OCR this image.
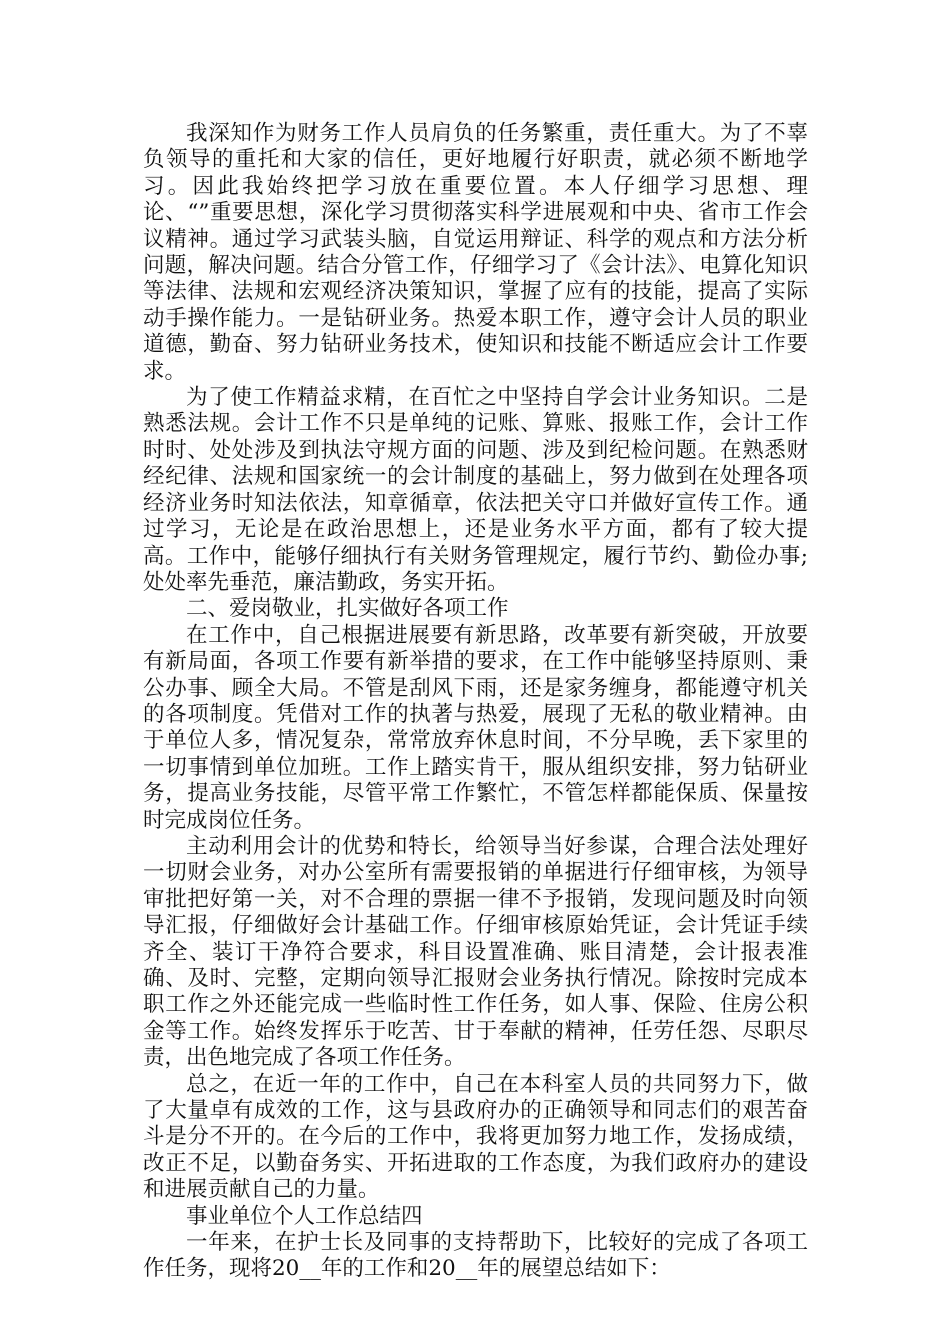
我深知作为财务工作人员肩负的任务繁重，责任重大。为了不辜负领导的重托和大家的信任，更好地履行好职责，就必须不断地学习。因此我始终把学习放在重要位置。本人仔细学习思想、理论、“”重要思想，深化学习贯彻落实科学进展观和中央、省市工作会议精神。通过学习武装头脑，自觉运用辩证、科学的观点和方法分析问题，解决问题。结合分管工作，仔细学习了《会计法》、电算化知识等法律、法规和宏观经济决策知识，掌握了应有的技能，提高了实际动手操作能力。一是钻研业务。热爱本职工作，遵守会计人员的职业道德，勤奋、努力钻研业务技术，使知识和技能不断适应会计工作要求。

为了使工作精益求精，在百忙之中坚持自学会计业务知识。二是熟悉法规。会计工作不只是单纯的记账、算账、报账工作，会计工作时时、处处涉及到执法守规方面的问题、涉及到纪检问题。在熟悉财经纪律、法规和国家统一的会计制度的基础上，努力做到在处理各项经济业务时知法依法，知章循章，依法把关守口并做好宣传工作。通过学习，无论是在政治思想上，还是业务水平方面，都有了较大提高。工作中，能够仔细执行有关财务管理规定，履行节约、勤俭办事;处处率先垂范，廉洁勤政，务实开拓。

二、爱岗敬业，扎实做好各项工作

在工作中，自己根据进展要有新思路，改革要有新突破，开放要有新局面，各项工作要有新举措的要求，在工作中能够坚持原则、秉公办事、顾全大局。不管是刮风下雨，还是家务缠身，都能遵守机关的各项制度。凭借对工作的执著与热爱，展现了无私的敬业精神。由于单位人多，情况复杂，常常放弃休息时间，不分早晚，丢下家里的一切事情到单位加班。工作上踏实肯干，服从组织安排，努力钻研业务，提高业务技能，尽管平常工作繁忙，不管怎样都能保质、保量按时完成岗位任务。

主动利用会计的优势和特长，给领导当好参谋，合理合法处理好一切财会业务，对办公室所有需要报销的单据进行仔细审核，为领导审批把好第一关，对不合理的票据一律不予报销，发现问题及时向领导汇报，仔细做好会计基础工作。仔细审核原始凭证，会计凭证手续齐全、装订干净符合要求，科目设置准确、账目清楚，会计报表准确、及时、完整，定期向领导汇报财会业务执行情况。除按时完成本职工作之外还能完成一些临时性工作任务，如人事、保险、住房公积金等工作。始终发挥乐于吃苦、甘于奉献的精神，任劳任怨、尽职尽责，出色地完成了各项工作任务。

总之，在近一年的工作中，自己在本科室人员的共同努力下，做了大量卓有成效的工作，这与县政府办的正确领导和同志们的艰苦奋斗是分不开的。在今后的工作中，我将更加努力地工作，发扬成绩，改正不足，以勤奋务实、开拓进取的工作态度，为我们政府办的建设和进展贡献自己的力量。

事业单位个人工作总结四

一年来，在护士长及同事的支持帮助下，比较好的完成了各项工作任务，现将20__年的工作和20__年的展望总结如下：
